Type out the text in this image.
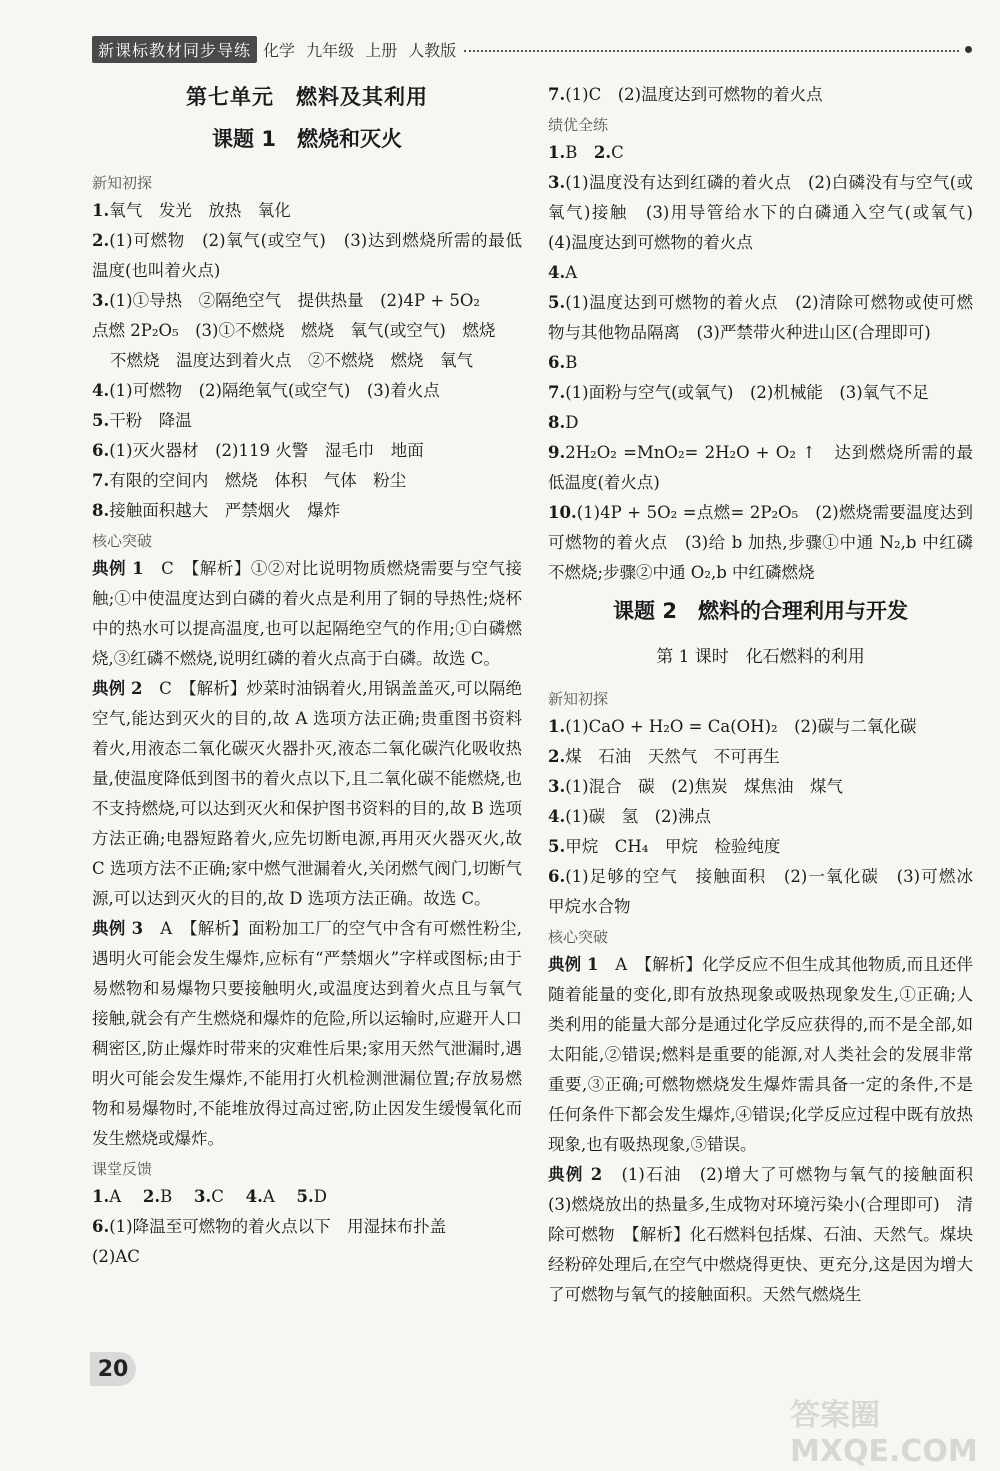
新课标教材同步导练 化学 九年级 上册 人教版
第七单元　燃料及其利用
课题 1　燃烧和灭火
新知初探
1.氧气　发光　放热　氧化
2.(1)可燃物　(2)氧气(或空气)　(3)达到燃烧所需的最低温度(也叫着火点)
3.(1)①导热　②隔绝空气　提供热量　(2)4P + 5O₂
点燃 2P₂O₅　(3)①不燃烧　燃烧　氧气(或空气)　燃烧
不燃烧　温度达到着火点　②不燃烧　燃烧　氧气
4.(1)可燃物　(2)隔绝氧气(或空气)　(3)着火点
5.干粉　降温
6.(1)灭火器材　(2)119 火警　湿毛巾　地面
7.有限的空间内　燃烧　体积　气体　粉尘
8.接触面积越大　严禁烟火　爆炸
核心突破
典例 1　 C　【解析】①②对比说明物质燃烧需要与空气接触;①中使温度达到白磷的着火点是利用了铜的导热性;烧杯中的热水可以提高温度,也可以起隔绝空气的作用;①白磷燃烧,③红磷不燃烧,说明红磷的着火点高于白磷。故选 C。
典例 2　 C　【解析】炒菜时油锅着火,用锅盖盖灭,可以隔绝空气,能达到灭火的目的,故 A 选项方法正确;贵重图书资料着火,用液态二氧化碳灭火器扑灭,液态二氧化碳汽化吸收热量,使温度降低到图书的着火点以下,且二氧化碳不能燃烧,也不支持燃烧,可以达到灭火和保护图书资料的目的,故 B 选项方法正确;电器短路着火,应先切断电源,再用灭火器灭火,故 C 选项方法不正确;家中燃气泄漏着火,关闭燃气阀门,切断气源,可以达到灭火的目的,故 D 选项方法正确。故选 C。
典例 3　 A　【解析】面粉加工厂的空气中含有可燃性粉尘,遇明火可能会发生爆炸,应标有“严禁烟火”字样或图标;由于易燃物和易爆物只要接触明火,或温度达到着火点且与氧气接触,就会有产生燃烧和爆炸的危险,所以运输时,应避开人口稠密区,防止爆炸时带来的灾难性后果;家用天然气泄漏时,遇明火可能会发生爆炸,不能用打火机检测泄漏位置;存放易燃物和易爆物时,不能堆放得过高过密,防止因发生缓慢氧化而发生燃烧或爆炸。
课堂反馈
1.A　 2.B　 3.C　 4.A　 5.D
6.(1)降温至可燃物的着火点以下　用湿抹布扑盖
(2)AC
7.(1)C　(2)温度达到可燃物的着火点
绩优全练
1.B　2.C
3.(1)温度没有达到红磷的着火点　(2)白磷没有与空气(或氧气)接触　(3)用导管给水下的白磷通入空气(或氧气)　(4)温度达到可燃物的着火点
4.A
5.(1)温度达到可燃物的着火点　(2)清除可燃物或使可燃物与其他物品隔离　(3)严禁带火种进山区(合理即可)
6.B
7.(1)面粉与空气(或氧气)　(2)机械能　(3)氧气不足
8.D
9.2H₂O₂ =MnO₂= 2H₂O + O₂ ↑　达到燃烧所需的最低温度(着火点)
10.(1)4P + 5O₂ =点燃= 2P₂O₅　(2)燃烧需要温度达到可燃物的着火点　(3)给 b 加热,步骤①中通 N₂,b 中红磷不燃烧;步骤②中通 O₂,b 中红磷燃烧
课题 2　燃料的合理利用与开发
第 1 课时　化石燃料的利用
新知初探
1.(1)CaO + H₂O = Ca(OH)₂　(2)碳与二氧化碳
2.煤　石油　天然气　不可再生
3.(1)混合　碳　(2)焦炭　煤焦油　煤气
4.(1)碳　氢　(2)沸点
5.甲烷　CH₄　甲烷　检验纯度
6.(1)足够的空气　接触面积　(2)一氧化碳　(3)可燃冰　甲烷水合物
核心突破
典例 1　 A　【解析】化学反应不但生成其他物质,而且还伴随着能量的变化,即有放热现象或吸热现象发生,①正确;人类利用的能量大部分是通过化学反应获得的,而不是全部,如太阳能,②错误;燃料是重要的能源,对人类社会的发展非常重要,③正确;可燃物燃烧发生爆炸需具备一定的条件,不是任何条件下都会发生爆炸,④错误;化学反应过程中既有放热现象,也有吸热现象,⑤错误。
典例 2　 (1)石油　(2)增大了可燃物与氧气的接触面积　(3)燃烧放出的热量多,生成物对环境污染小(合理即可)　清除可燃物　【解析】化石燃料包括煤、石油、天然气。煤块经粉碎处理后,在空气中燃烧得更快、更充分,这是因为增大了可燃物与氧气的接触面积。天然气燃烧生
20
答案圈 MXQE.COM
